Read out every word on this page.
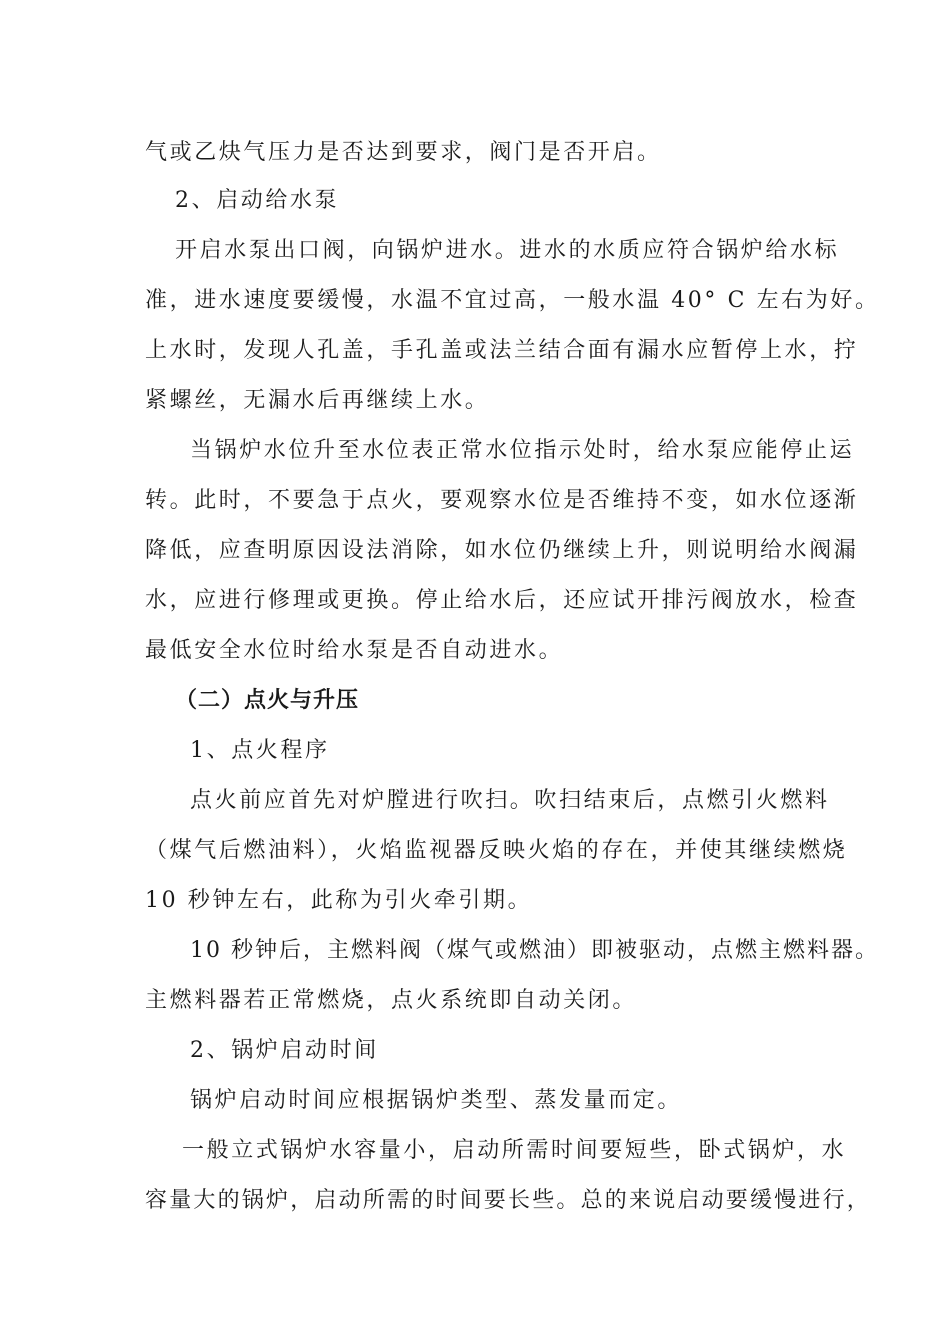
气或乙炔气压力是否达到要求，阀门是否开启。
2、启动给水泵
开启水泵出口阀，向锅炉进水。进水的水质应符合锅炉给水标
准，进水速度要缓慢，水温不宜过高，一般水温 40° C 左右为好。
上水时，发现人孔盖，手孔盖或法兰结合面有漏水应暂停上水，拧
紧螺丝，无漏水后再继续上水。
当锅炉水位升至水位表正常水位指示处时，给水泵应能停止运
转。此时，不要急于点火，要观察水位是否维持不变，如水位逐渐
降低，应查明原因设法消除，如水位仍继续上升，则说明给水阀漏
水，应进行修理或更换。停止给水后，还应试开排污阀放水，检查
最低安全水位时给水泵是否自动进水。
（二）点火与升压
1、点火程序
点火前应首先对炉膛进行吹扫。吹扫结束后，点燃引火燃料
（煤气后燃油料），火焰监视器反映火焰的存在，并使其继续燃烧
10 秒钟左右，此称为引火牵引期。
10 秒钟后，主燃料阀（煤气或燃油）即被驱动，点燃主燃料器。
主燃料器若正常燃烧，点火系统即自动关闭。
2、锅炉启动时间
锅炉启动时间应根据锅炉类型、蒸发量而定。
一般立式锅炉水容量小，启动所需时间要短些，卧式锅炉，水
容量大的锅炉，启动所需的时间要长些。总的来说启动要缓慢进行，
